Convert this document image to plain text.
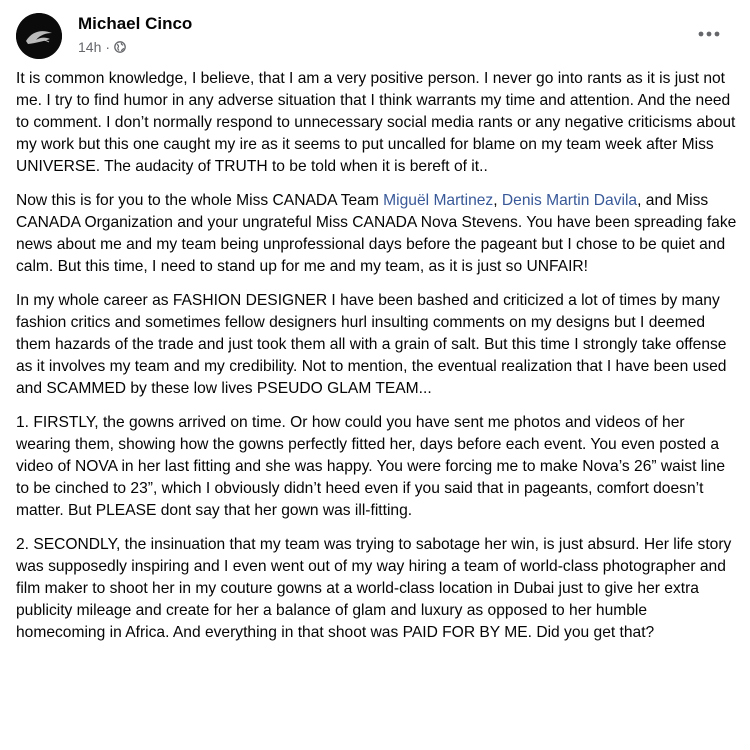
Michael Cinco
14h ·

It is common knowledge, I believe, that I am a very positive person. I never go into rants as it is just not me. I try to find humor in any adverse situation that I think warrants my time and attention. And the need to comment. I don’t normally respond to unnecessary social media rants or any negative criticisms about my work but this one caught my ire as it seems to put uncalled for blame on my team week after Miss UNIVERSE. The audacity of TRUTH to be told when it is bereft of it..

Now this is for you to the whole Miss CANADA Team Miguël Martinez, Denis Martin Davila, and Miss CANADA Organization and your ungrateful Miss CANADA Nova Stevens. You have been spreading fake news about me and my team being unprofessional days before the pageant but I chose to be quiet and calm. But this time, I need to stand up for me and my team, as it is just so UNFAIR!

In my whole career as FASHION DESIGNER I have been bashed and criticized a lot of times by many fashion critics and sometimes fellow designers hurl insulting comments on my designs but I deemed them hazards of the trade and just took them all with a grain of salt. But this time I strongly take offense as it involves my team and my credibility. Not to mention, the eventual realization that I have been used and SCAMMED by these low lives PSEUDO GLAM TEAM...

1. FIRSTLY, the gowns arrived on time. Or how could you have sent me photos and videos of her wearing them, showing how the gowns perfectly fitted her, days before each event. You even posted a video of NOVA in her last fitting and she was happy. You were forcing me to make Nova’s 26” waist line to be cinched to 23”, which I obviously didn’t heed even if you said that in pageants, comfort doesn’t matter. But PLEASE dont say that her gown was ill-fitting.

2. SECONDLY, the insinuation that my team was trying to sabotage her win, is just absurd. Her life story was supposedly inspiring and I even went out of my way hiring a team of world-class photographer and film maker to shoot her in my couture gowns at a world-class location in Dubai just to give her extra publicity mileage and create for her a balance of glam and luxury as opposed to her humble homecoming in Africa. And everything in that shoot was PAID FOR BY ME. Did you get that?
